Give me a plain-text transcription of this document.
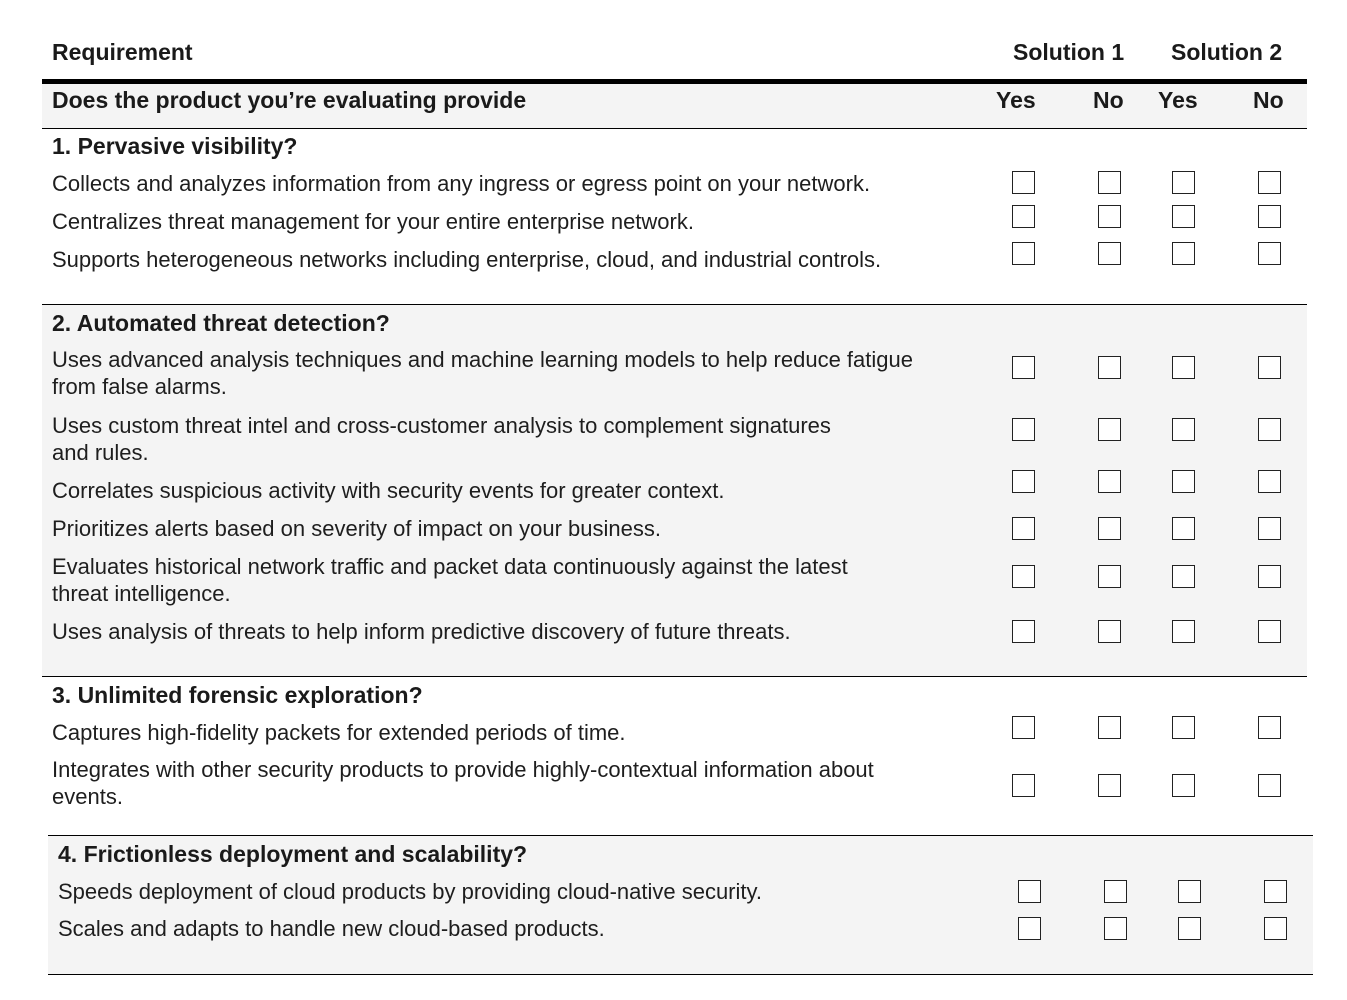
Requirement	Solution 1 Solution 2
Does the product you’re evaluating provide	Yes No Yes No
1. Pervasive visibility?
Collects and analyzes information from any ingress or egress point on your network.
Centralizes threat management for your entire enterprise network.
Supports heterogeneous networks including enterprise, cloud, and industrial controls.
2. Automated threat detection?
Uses advanced analysis techniques and machine learning models to help reduce fatigue from false alarms.
Uses custom threat intel and cross-customer analysis to complement signatures and rules.
Correlates suspicious activity with security events for greater context.
Prioritizes alerts based on severity of impact on your business.
Evaluates historical network traffic and packet data continuously against the latest threat intelligence.
Uses analysis of threats to help inform predictive discovery of future threats.
3. Unlimited forensic exploration?
Captures high-fidelity packets for extended periods of time.
Integrates with other security products to provide highly-contextual information about events.
4. Frictionless deployment and scalability?
Speeds deployment of cloud products by providing cloud-native security.
Scales and adapts to handle new cloud-based products.
